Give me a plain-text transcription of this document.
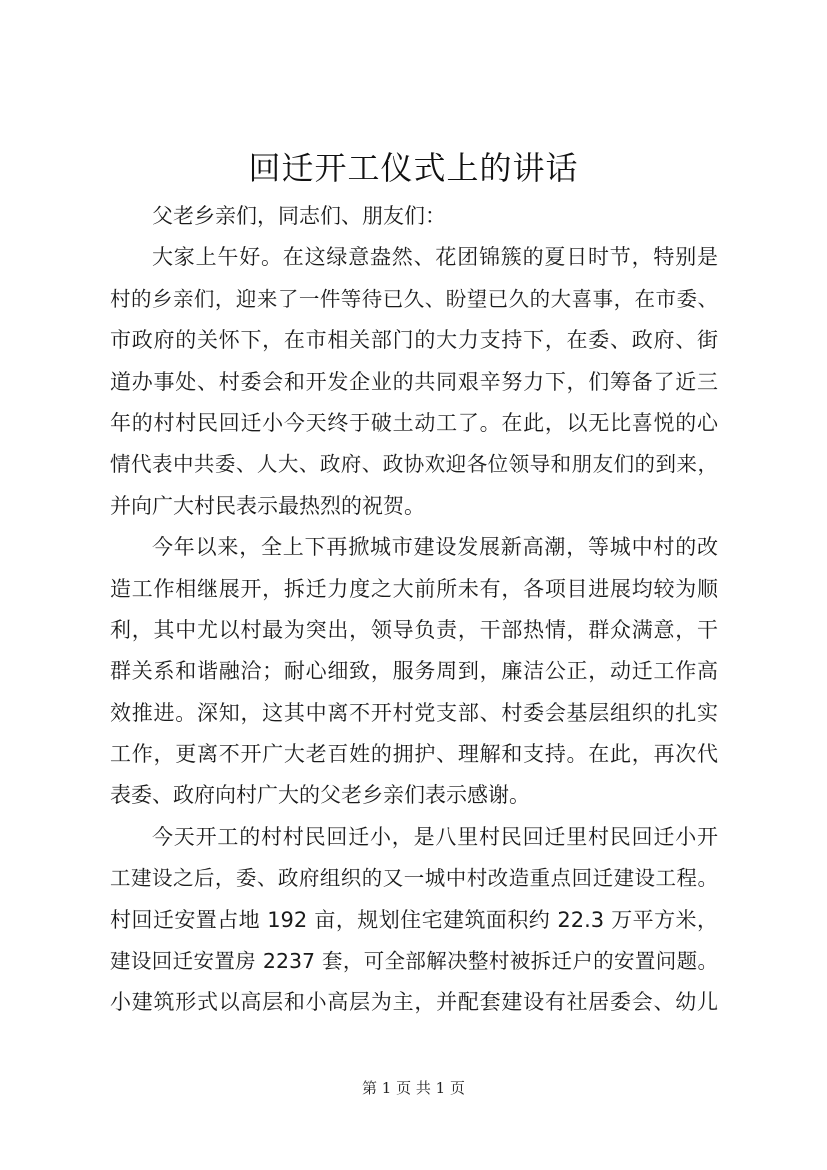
回迁开工仪式上的讲话
父老乡亲们，同志们、朋友们：
大家上午好。在这绿意盎然、花团锦簇的夏日时节，特别是
村的乡亲们，迎来了一件等待已久、盼望已久的大喜事，在市委、
市政府的关怀下，在市相关部门的大力支持下，在委、政府、街
道办事处、村委会和开发企业的共同艰辛努力下，们筹备了近三
年的村村民回迁小今天终于破土动工了。在此，以无比喜悦的心
情代表中共委、人大、政府、政协欢迎各位领导和朋友们的到来，
并向广大村民表示最热烈的祝贺。
今年以来，全上下再掀城市建设发展新高潮，等城中村的改
造工作相继展开，拆迁力度之大前所未有，各项目进展均较为顺
利，其中尤以村最为突出，领导负责，干部热情，群众满意，干
群关系和谐融洽；耐心细致，服务周到，廉洁公正，动迁工作高
效推进。深知，这其中离不开村党支部、村委会基层组织的扎实
工作，更离不开广大老百姓的拥护、理解和支持。在此，再次代
表委、政府向村广大的父老乡亲们表示感谢。
今天开工的村村民回迁小，是八里村民回迁里村民回迁小开
工建设之后，委、政府组织的又一城中村改造重点回迁建设工程。
村回迁安置占地 192 亩，规划住宅建筑面积约 22.3 万平方米，
建设回迁安置房 2237 套，可全部解决整村被拆迁户的安置问题。
小建筑形式以高层和小高层为主，并配套建设有社居委会、幼儿
第 1 页 共 1 页
